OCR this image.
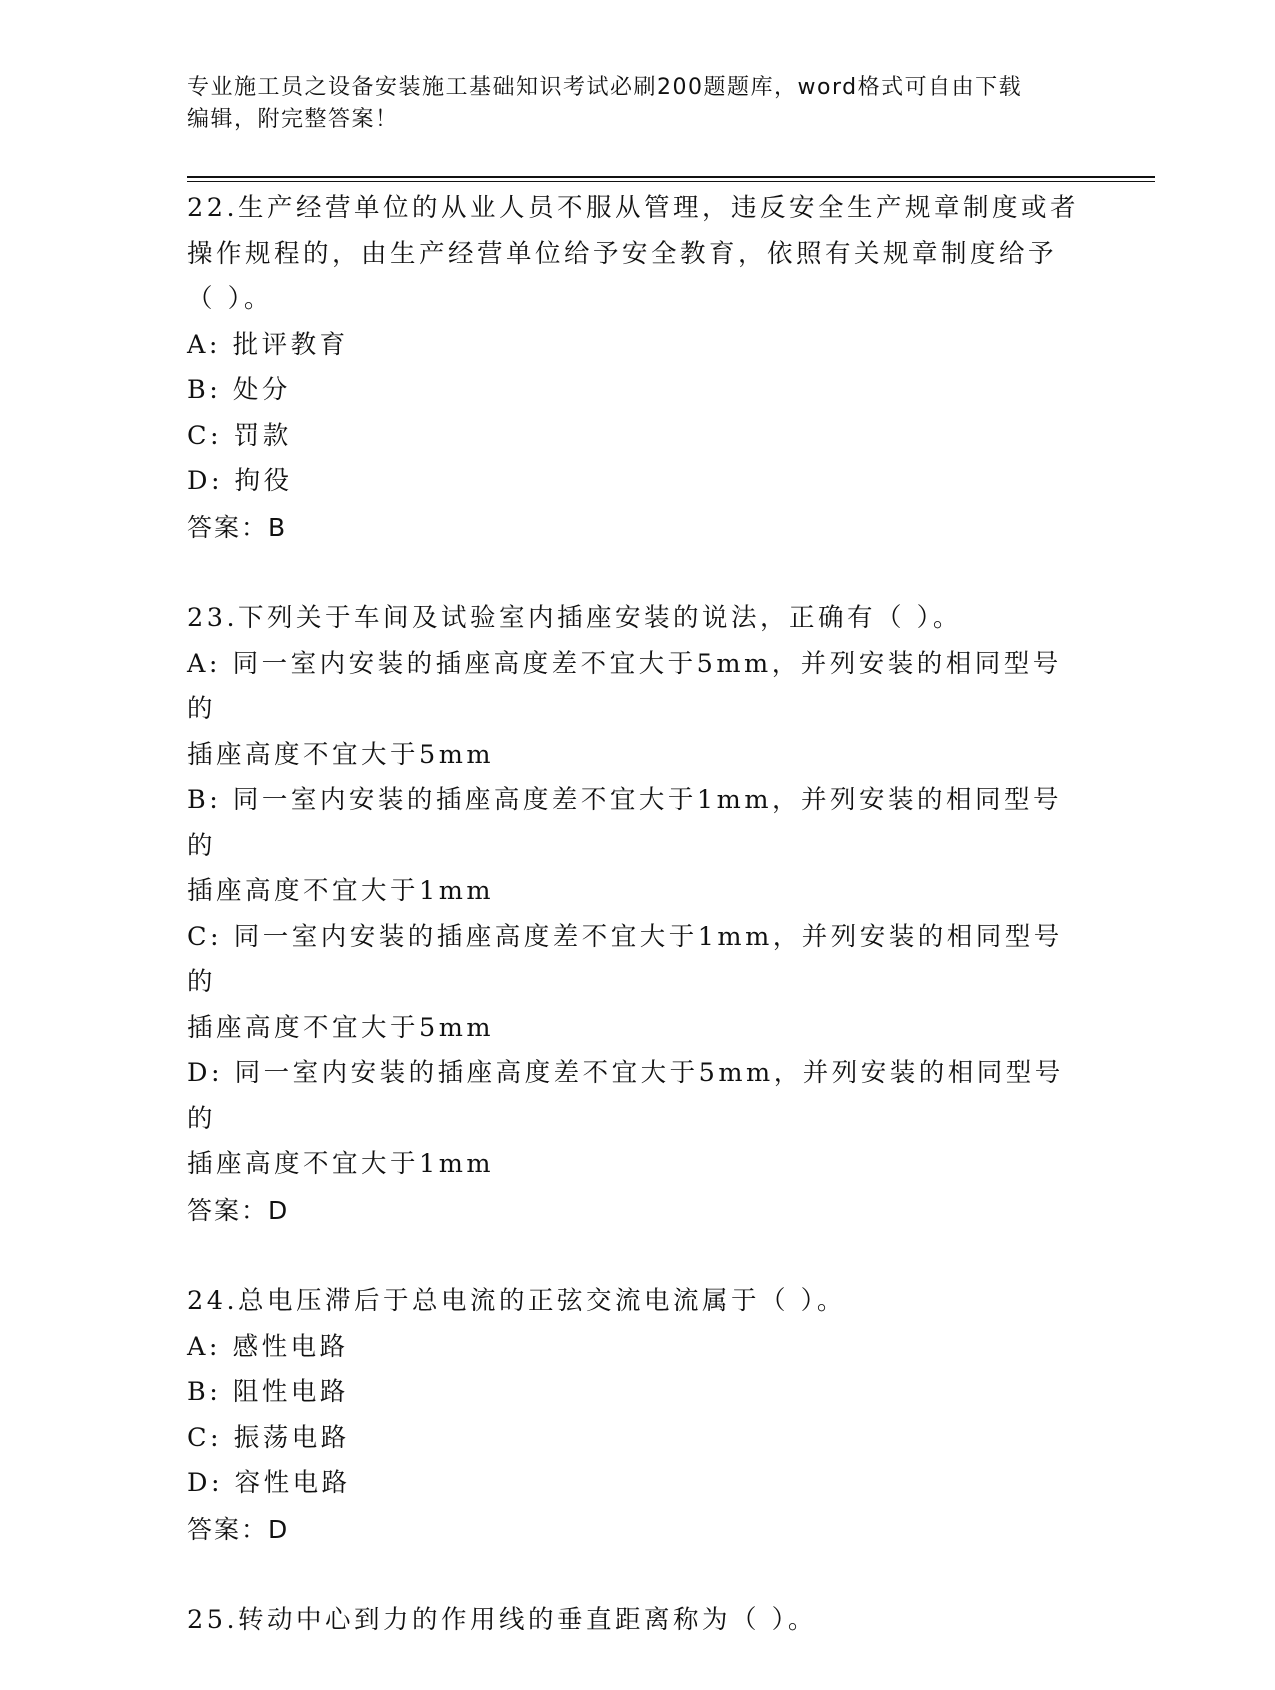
专业施工员之设备安装施工基础知识考试必刷200题题库，word格式可自由下载
编辑，附完整答案！
22.生产经营单位的从业人员不服从管理，违反安全生产规章制度或者
操作规程的，由生产经营单位给予安全教育，依照有关规章制度给予
（ ）。
A: 批评教育
B: 处分
C: 罚款
D: 拘役
答案：B
23.下列关于车间及试验室内插座安装的说法，正确有（ ）。
A: 同一室内安装的插座高度差不宜大于5mm，并列安装的相同型号的
插座高度不宜大于5mm
B: 同一室内安装的插座高度差不宜大于1mm，并列安装的相同型号的
插座高度不宜大于1mm
C: 同一室内安装的插座高度差不宜大于1mm，并列安装的相同型号的
插座高度不宜大于5mm
D: 同一室内安装的插座高度差不宜大于5mm，并列安装的相同型号的
插座高度不宜大于1mm
答案：D
24.总电压滞后于总电流的正弦交流电流属于（ ）。
A: 感性电路
B: 阻性电路
C: 振荡电路
D: 容性电路
答案：D
25.转动中心到力的作用线的垂直距离称为（ ）。
